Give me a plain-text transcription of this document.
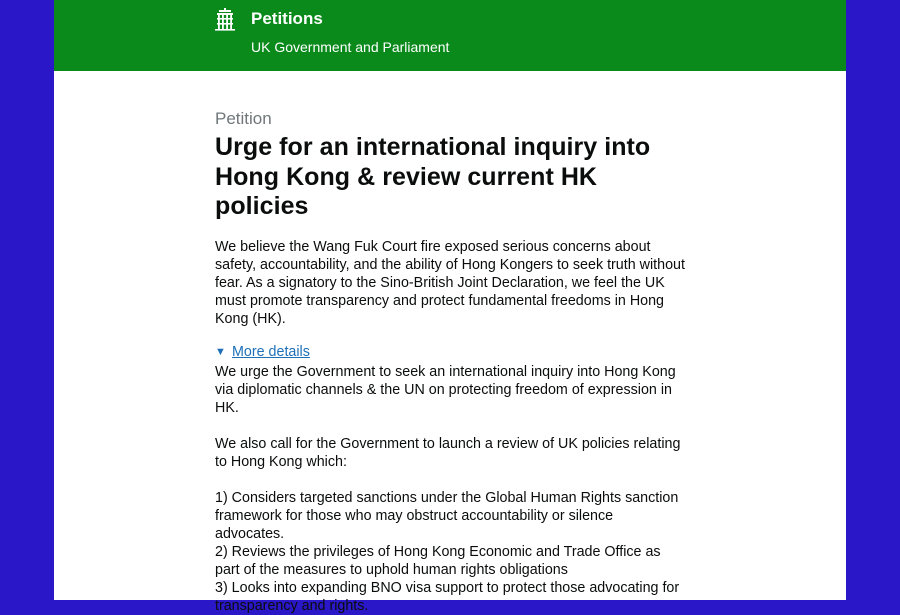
Petitions
UK Government and Parliament
Petition
Urge for an international inquiry into Hong Kong & review current HK policies

We believe the Wang Fuk Court fire exposed serious concerns about safety, accountability, and the ability of Hong Kongers to seek truth without fear. As a signatory to the Sino-British Joint Declaration, we feel the UK must promote transparency and protect fundamental freedoms in Hong Kong (HK).

▼ More details

We urge the Government to seek an international inquiry into Hong Kong via diplomatic channels & the UN on protecting freedom of expression in HK.

We also call for the Government to launch a review of UK policies relating to Hong Kong which:

1) Considers targeted sanctions under the Global Human Rights sanction framework for those who may obstruct accountability or silence advocates.
2) Reviews the privileges of Hong Kong Economic and Trade Office as part of the measures to uphold human rights obligations
3) Looks into expanding BNO visa support to protect those advocating for transparency and rights.
